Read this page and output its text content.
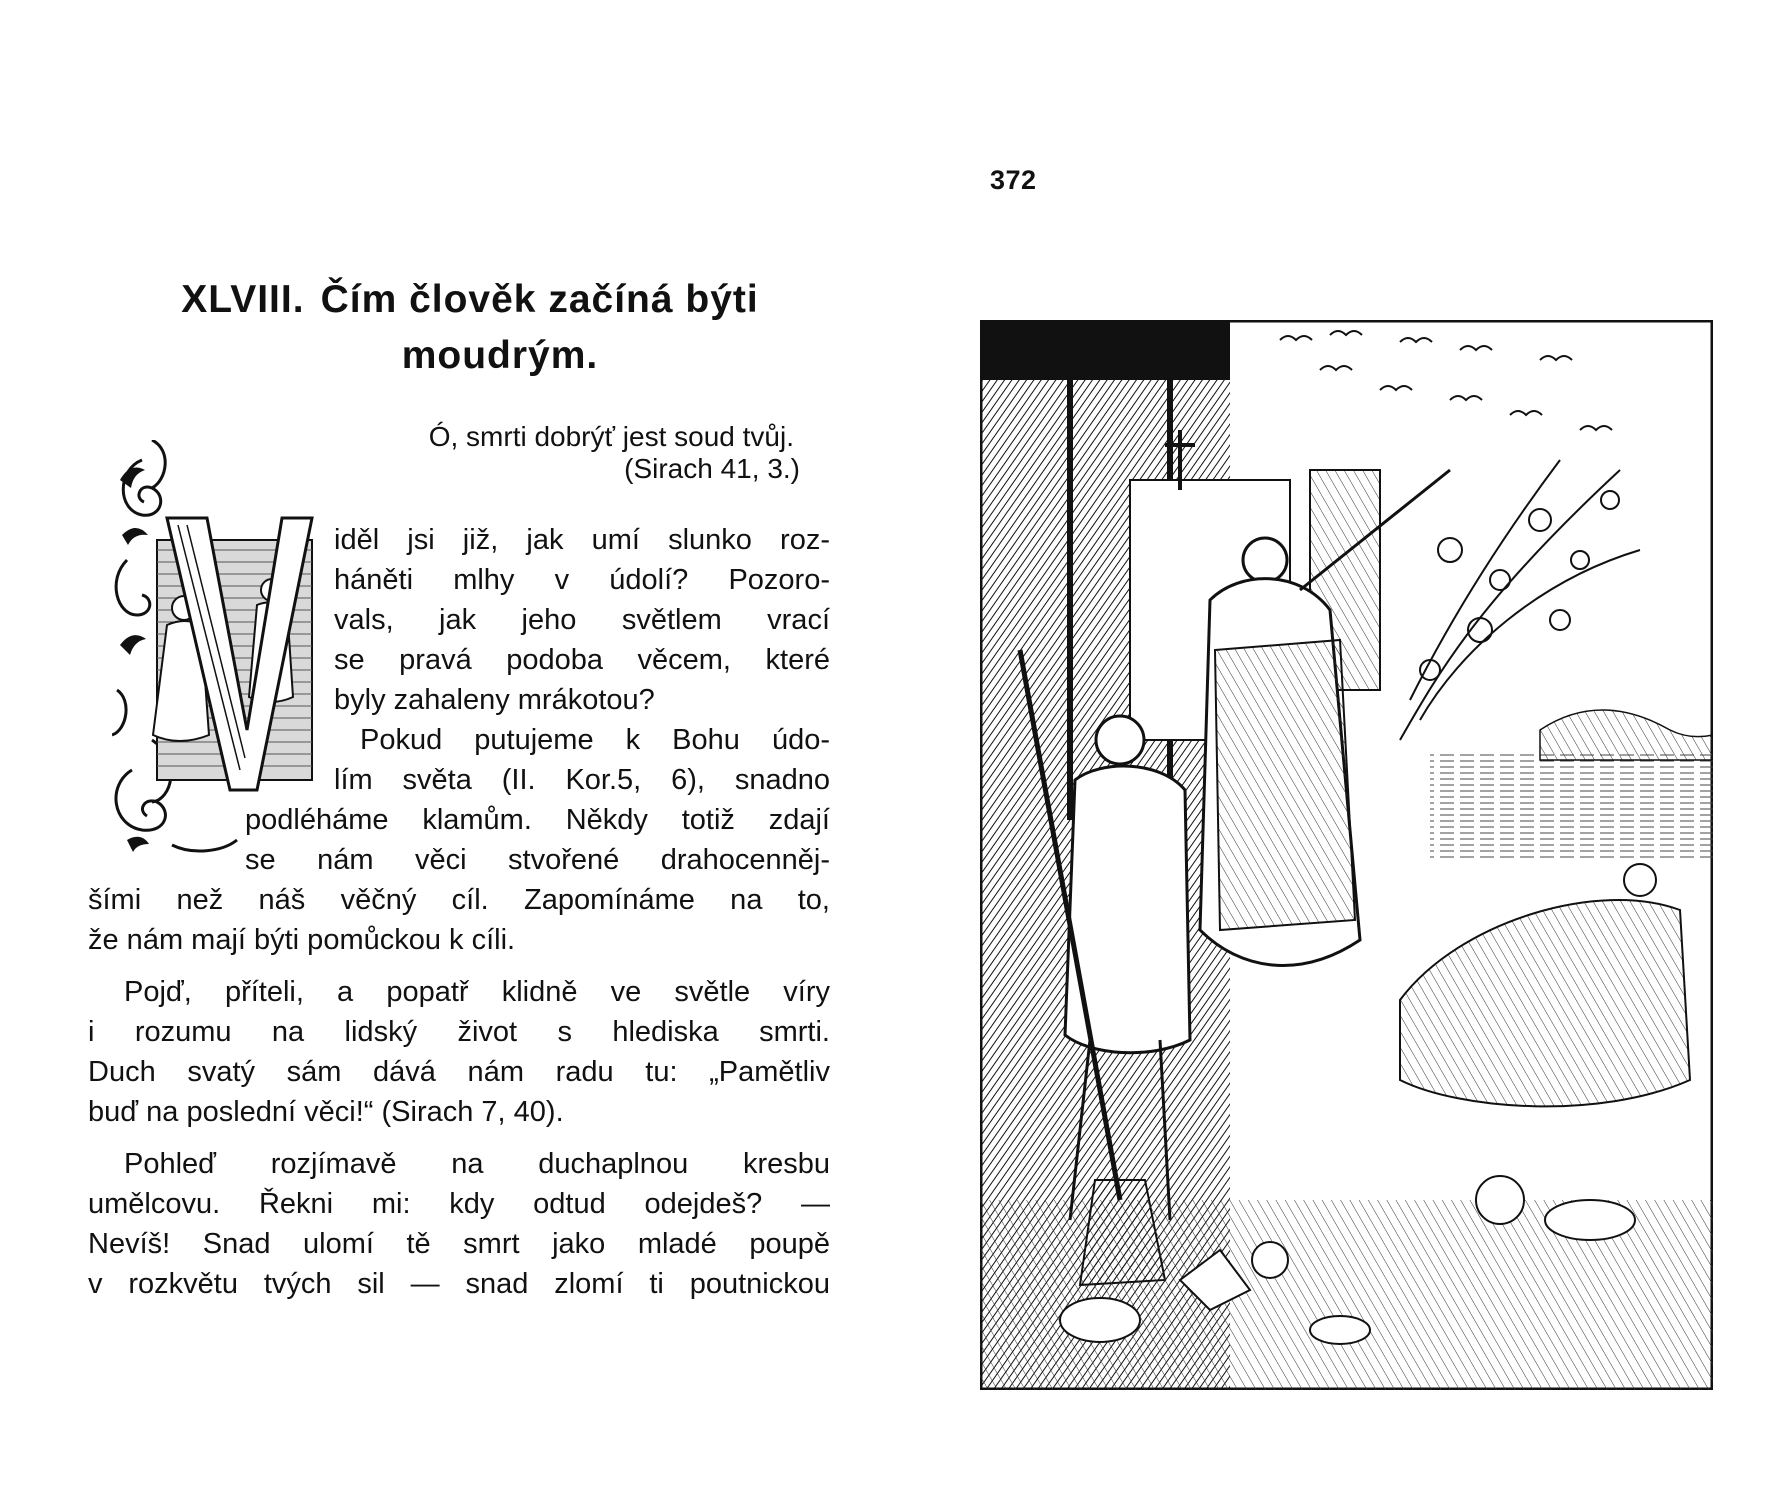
372
XLVIII. Čím člověk začíná býti
moudrým.
Ó, smrti dobrýť jest soud tvůj.
(Sirach 41, 3.)
V
iděl jsi již, jak umí slunko roz-
háněti mlhy v údolí? Pozoro-
vals, jak jeho světlem vrací
se pravá podoba věcem, které
byly zahaleny mrákotou?
Pokud putujeme k Bohu údo-
lím světa (II. Kor.5, 6), snadno
podléháme klamům. Někdy totiž zdají
se nám věci stvořené drahocenněj-
šími než náš věčný cíl. Zapomínáme na to,
že nám mají býti pomůckou k cíli.
Pojď, příteli, a popatř klidně ve světle víry
i rozumu na lidský život s hlediska smrti.
Duch svatý sám dává nám radu tu: „Pamětliv
buď na poslední věci!“ (Sirach 7, 40).
Pohleď rozjímavě na duchaplnou kresbu
umělcovu. Řekni mi: kdy odtud odejdeš? —
Nevíš! Snad ulomí tě smrt jako mladé poupě
v rozkvětu tvých sil — snad zlomí ti poutnickou
